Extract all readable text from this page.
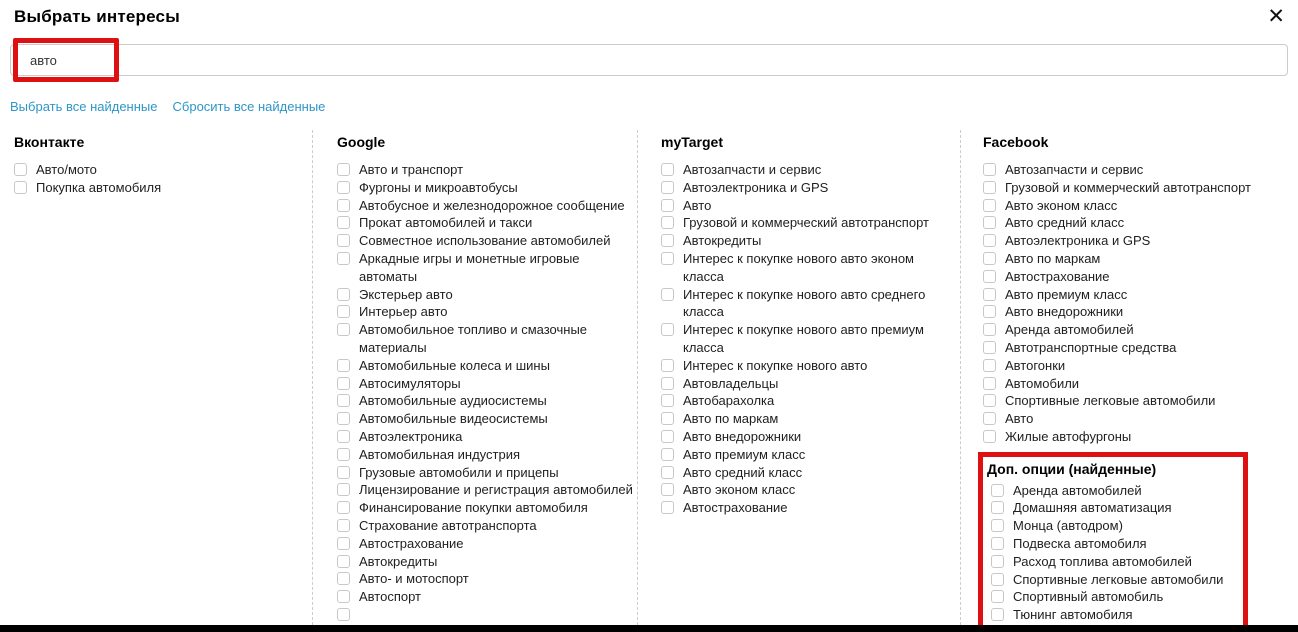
Выбрать интересы	✕
авто
Выбрать все найденные Сбросить все найденные
Вконтакте
Авто/мото
Покупка автомобиля
Google
Авто и транспорт
Фургоны и микроавтобусы
Автобусное и железнодорожное сообщение
Прокат автомобилей и такси
Совместное использование автомобилей
Аркадные игры и монетные игровые автоматы
Экстерьер авто
Интерьер авто
Автомобильное топливо и смазочные материалы
Автомобильные колеса и шины
Автосимуляторы
Автомобильные аудиосистемы
Автомобильные видеосистемы
Автоэлектроника
Автомобильная индустрия
Грузовые автомобили и прицепы
Лицензирование и регистрация автомобилей
Финансирование покупки автомобиля
Страхование автотранспорта
Автострахование
Автокредиты
Авто- и мотоспорт
Автоспорт
myTarget
Автозапчасти и сервис
Автоэлектроника и GPS
Авто
Грузовой и коммерческий автотранспорт
Автокредиты
Интерес к покупке нового авто эконом класса
Интерес к покупке нового авто среднего класса
Интерес к покупке нового авто премиум класса
Интерес к покупке нового авто
Автовладельцы
Автобарахолка
Авто по маркам
Авто внедорожники
Авто премиум класс
Авто средний класс
Авто эконом класс
Автострахование
Facebook
Автозапчасти и сервис
Грузовой и коммерческий автотранспорт
Авто эконом класс
Авто средний класс
Автоэлектроника и GPS
Авто по маркам
Автострахование
Авто премиум класс
Авто внедорожники
Аренда автомобилей
Автотранспортные средства
Автогонки
Автомобили
Спортивные легковые автомобили
Авто
Жилые автофургоны
Доп. опции (найденные)
Аренда автомобилей
Домашняя автоматизация
Монца (автодром)
Подвеска автомобиля
Расход топлива автомобилей
Спортивные легковые автомобили
Спортивный автомобиль
Тюнинг автомобиля
